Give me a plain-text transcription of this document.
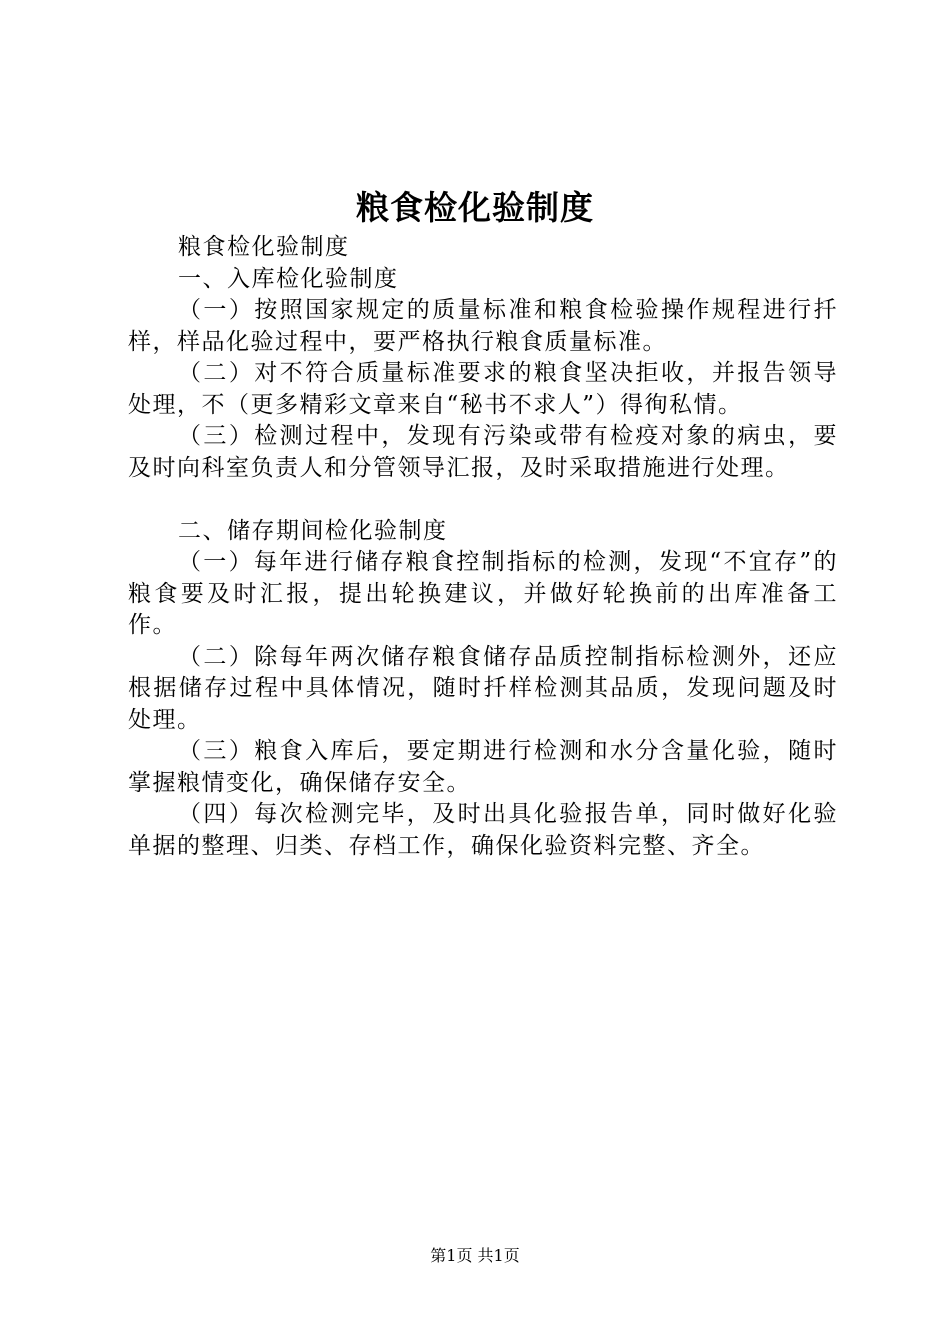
粮食检化验制度

粮食检化验制度

一、入库检化验制度

（一）按照国家规定的质量标准和粮食检验操作规程进行扦样，样品化验过程中，要严格执行粮食质量标准。

（二）对不符合质量标准要求的粮食坚决拒收，并报告领导处理，不（更多精彩文章来自“秘书不求人”）得徇私情。

（三）检测过程中，发现有污染或带有检疫对象的病虫，要及时向科室负责人和分管领导汇报，及时采取措施进行处理。

二、储存期间检化验制度

（一）每年进行储存粮食控制指标的检测，发现“不宜存”的粮食要及时汇报，提出轮换建议，并做好轮换前的出库准备工作。

（二）除每年两次储存粮食储存品质控制指标检测外，还应根据储存过程中具体情况，随时扦样检测其品质，发现问题及时处理。

（三）粮食入库后，要定期进行检测和水分含量化验，随时掌握粮情变化，确保储存安全。

（四）每次检测完毕，及时出具化验报告单，同时做好化验单据的整理、归类、存档工作，确保化验资料完整、齐全。

第1页 共1页
